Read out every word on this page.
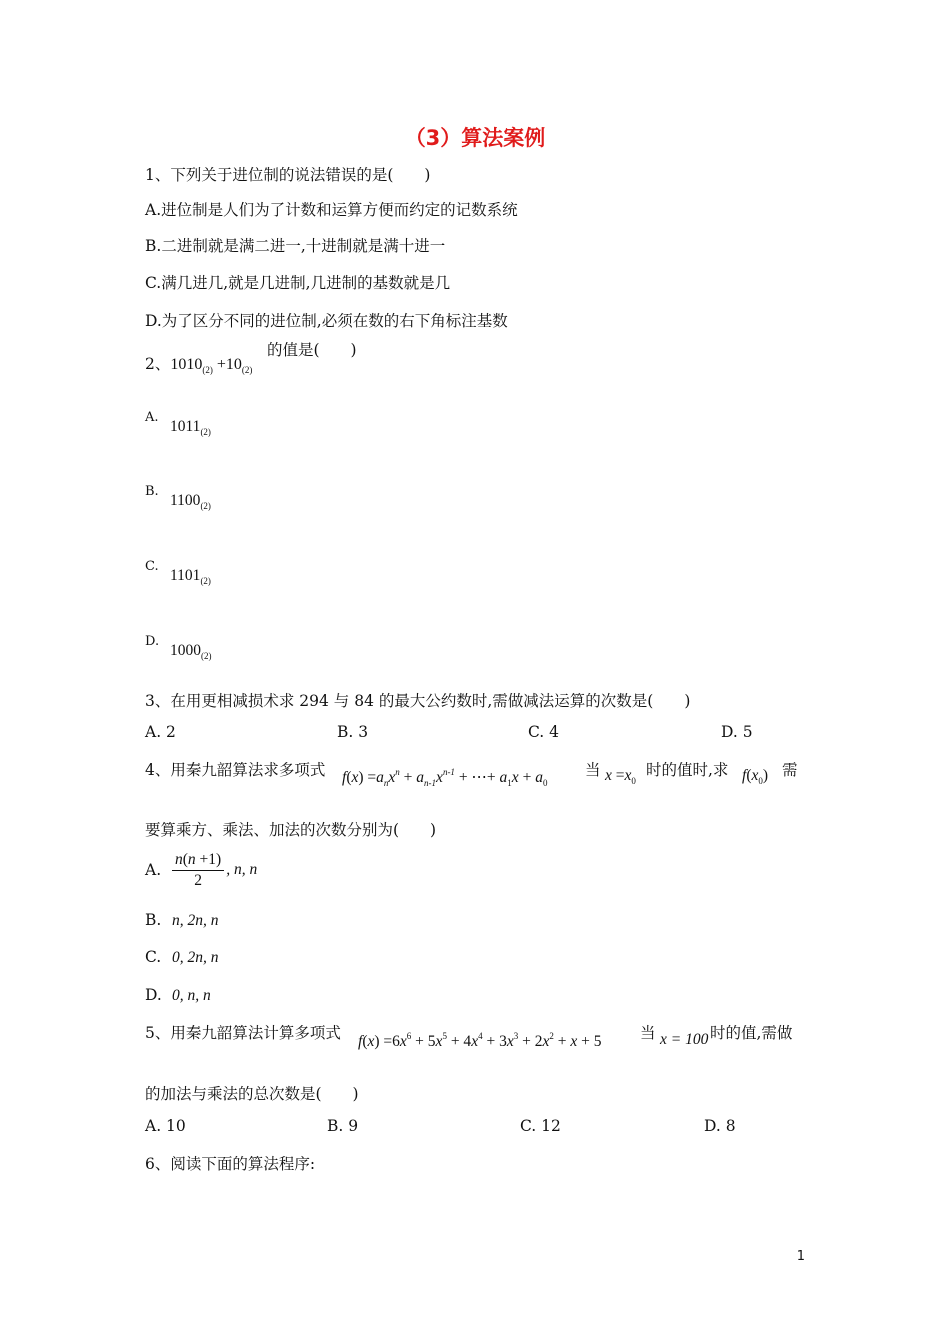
（3）算法案例
1、下列关于进位制的说法错误的是(　　)
A.进位制是人们为了计数和运算方便而约定的记数系统
B.二进制就是满二进一,十进制就是满十进一
C.满几进几,就是几进制,几进制的基数就是几
D.为了区分不同的进位制,必须在数的右下角标注基数
2、$1010_{(2)} +10_{(2)}$
的值是(　　)
A.
$1011_{(2)}$
B.
$1100_{(2)}$
C.
$1101_{(2)}$
D.
$1000_{(2)}$
3、在用更相减损术求 294 与 84 的最大公约数时,需做减法运算的次数是(　　)
A. 2	B. 3	C. 4	D. 5
4、用秦九韶算法求多项式 $f(x) =a_nx^n + a_{n-1}x^{n-1}$ + ⋯+ $a_1x + a_0$
当 $x =x_0$
时的值时,求 $f(x_0)$ 需
要算乘方、乘法、加法的次数分别为(　　)
A. $\frac{n(n +1)}{2}$ , n, n
B. n, 2n, n
C. 0, 2n, n
D. 0, n, n
5、用秦九韶算法计算多项式 $f(x) =6x^6 + 5x^5 + 4x^4 + 3x^3 + 2x^2 + x + 5$ 当 x = 100 时的值,需做
的加法与乘法的总次数是(　　)
A. 10	B. 9	C. 12	D. 8
6、阅读下面的算法程序:
1
